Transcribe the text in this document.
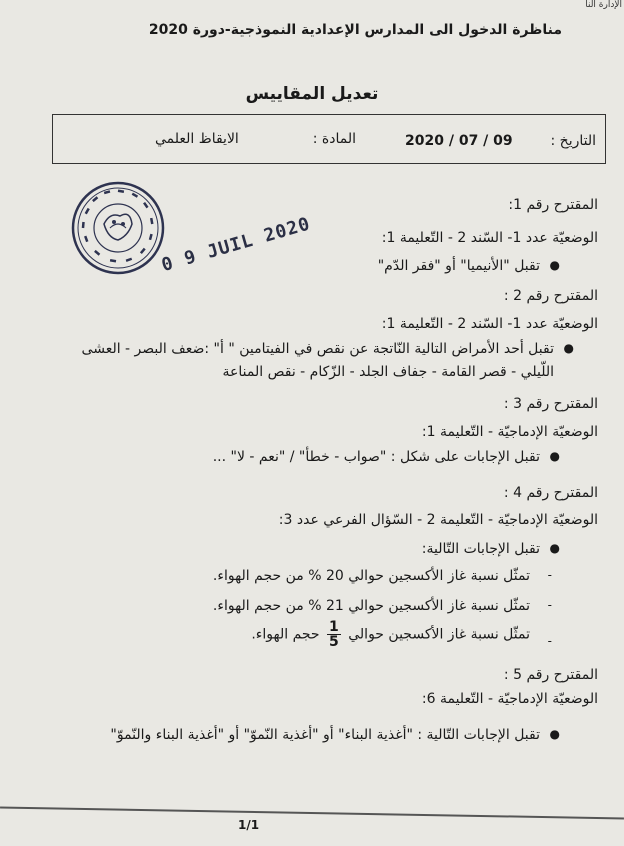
الإدارة النا
مناظرة الدخول الى المدارس الإعدادية النموذجية-دورة 2020
تعديل المقاييس
التاريخ :
2020 / 07 / 09
المادة :
الايقاظ العلمي
0 9 JUIL 2020
المقترح رقم 1:
الوضعيّة عدد 1- السّند 2 - التّعليمة 1:
●
تقبل "الأنيميا" أو "فقر الدّم"
المقترح رقم 2 :
الوضعيّة عدد 1- السّند 2 - التّعليمة 1:
●
تقبل أحد الأمراض التالية النّاتجة عن نقص في الفيتامين " أ" :ضعف البصر - العشى
اللّيلي - قصر القامة - جفاف الجلد - الزّكام - نقص المناعة
المقترح رقم 3 :
الوضعيّة الإدماجيّة - التّعليمة 1:
●
تقبل الإجابات على شكل : "صواب - خطأ" / "نعم - لا" ...
المقترح رقم 4 :
الوضعيّة الإدماجيّة - التّعليمة 2 - السّؤال الفرعي عدد 3:
●
تقبل الإجابات التّالية:
-
تمثّل نسبة غاز الأكسجين حوالي 20 % من حجم الهواء.
-
تمثّل نسبة غاز الأكسجين حوالي 21 % من حجم الهواء.
-
تمثّل نسبة غاز الأكسجين حوالي
$\frac{1}{5}$
حجم الهواء.
المقترح رقم 5 :
الوضعيّة الإدماجيّة - التّعليمة 6:
●
تقبل الإجابات التّالية : "أغذية البناء" أو "أغذية النّموّ" أو "أغذية البناء والنّموّ"
1/1
